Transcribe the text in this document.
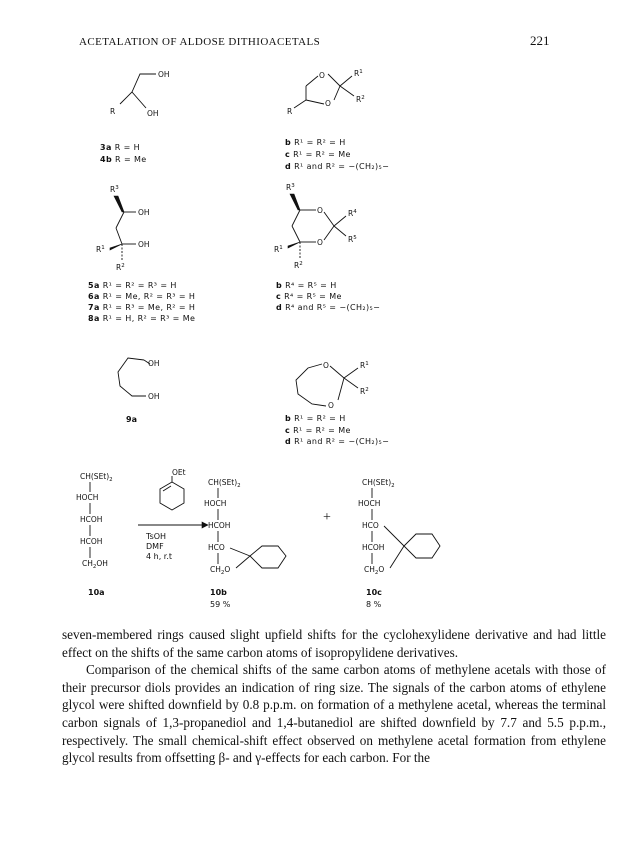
ACETALATION OF ALDOSE DITHIOACETALS	221
OH
OH
R
O
O
R
$R^1$
$R^2$
3a R = H
4b R = Me
b R¹ = R² = H
c R¹ = R² = Me
d R¹ and R² = −(CH₂)₅−
$R^3$
OH
OH
$R^1$
$R^2$
$R^3$
O
O
$R^4$
$R^5$
$R^1$
$R^2$
5a R¹ = R² = R³ = H
6a R¹ = Me, R² = R³ = H
7a R¹ = R³ = Me, R² = H
8a R¹ = H, R² = R³ = Me
b R⁴ = R⁵ = H
c R⁴ = R⁵ = Me
d R⁴ and R⁵ = −(CH₂)₅−
OH
OH
9a
O
O
$R^1$
$R^2$
b R¹ = R² = H
c R¹ = R² = Me
d R¹ and R² = −(CH₂)₅−
$CH(SEt)_2$
HOCH
HCOH
HCOH
$CH_2OH$
OEt
TsOH
DMF
4 h, r.t
$CH(SEt)_2$
HOCH
HCOH
HCO
$CH_2O$
+
$CH(SEt)_2$
HOCH
HCO
HCOH
$CH_2O$
10a	10b
59 %
10c
8 %

seven-membered rings caused slight upfield shifts for the cyclohexylidene derivative and had little effect on the shifts of the same carbon atoms of isopropylidene derivatives.

Comparison of the chemical shifts of the same carbon atoms of methylene acetals with those of their precursor diols provides an indication of ring size. The signals of the carbon atoms of ethylene glycol were shifted downfield by 0.8 p.p.m. on formation of a methylene acetal, whereas the terminal carbon signals of 1,3-propanediol and 1,4-butanediol are shifted downfield by 7.7 and 5.5 p.p.m., respectively. The small chemical-shift effect observed on methylene acetal formation from ethylene glycol results from offsetting β- and γ-effects for each carbon. For the
